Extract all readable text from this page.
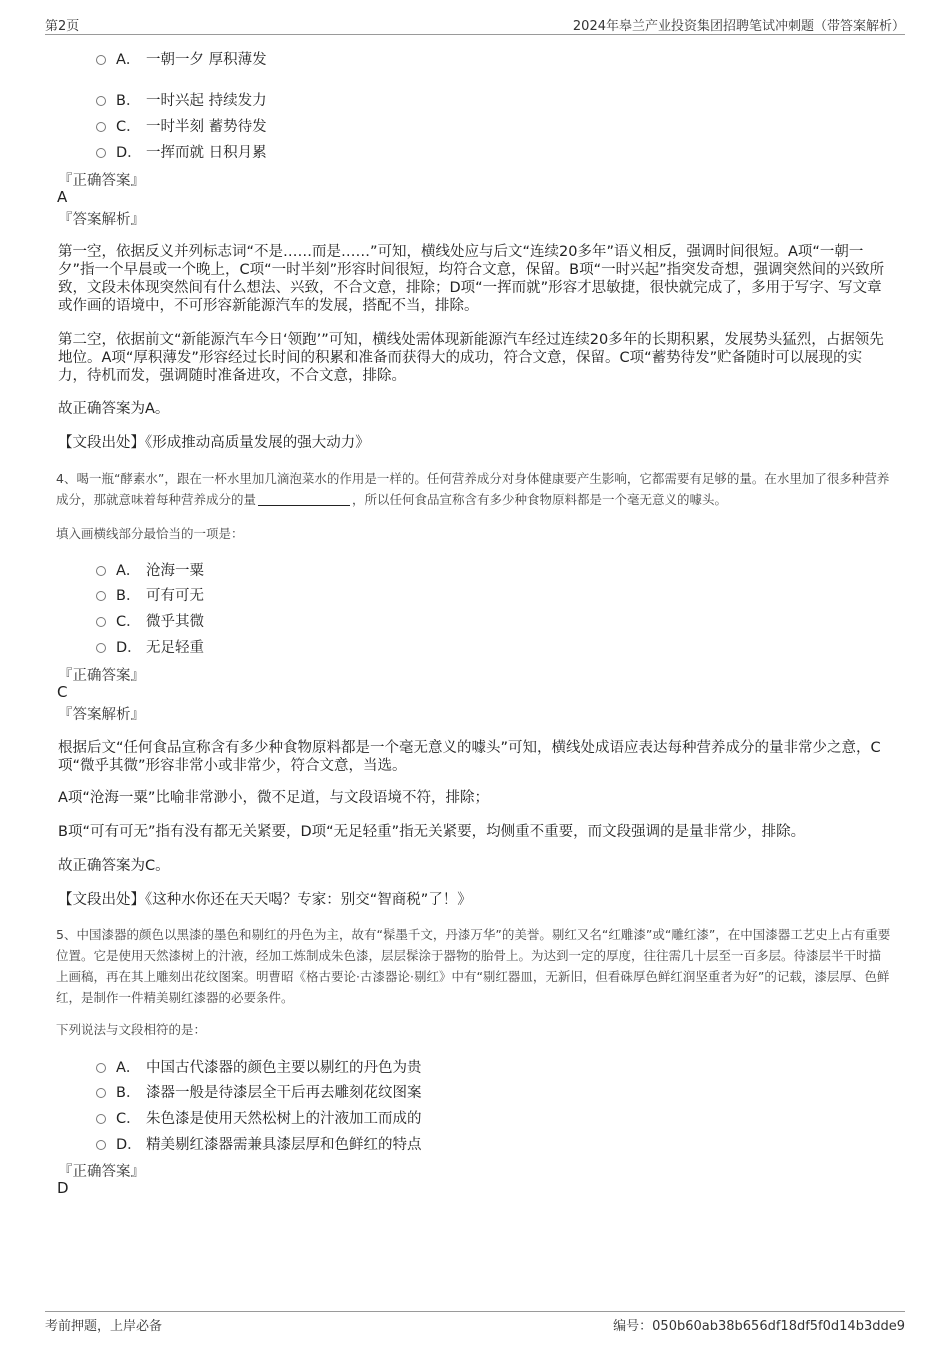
第2页	2024年皋兰产业投资集团招聘笔试冲刺题（带答案解析）
A． 一朝一夕 厚积薄发
B． 一时兴起 持续发力
C． 一时半刻 蓄势待发
D． 一挥而就 日积月累
『正确答案』
A
『答案解析』
第一空，依据反义并列标志词“不是……而是……”可知，横线处应与后文“连续20多年”语义相反，强调时间很短。A项“一朝一夕”指一个早晨或一个晚上，C项“一时半刻”形容时间很短，均符合文意，保留。B项“一时兴起”指突发奇想，强调突然间的兴致所致，文段未体现突然间有什么想法、兴致，不合文意，排除；D项“一挥而就”形容才思敏捷，很快就完成了，多用于写字、写文章或作画的语境中，不可形容新能源汽车的发展，搭配不当，排除。
第二空，依据前文“新能源汽车今日‘领跑’”可知，横线处需体现新能源汽车经过连续20多年的长期积累，发展势头猛烈，占据领先地位。A项“厚积薄发”形容经过长时间的积累和准备而获得大的成功，符合文意，保留。C项“蓄势待发”贮备随时可以展现的实力，待机而发，强调随时准备进攻，不合文意，排除。
故正确答案为A。
【文段出处】《形成推动高质量发展的强大动力》
4、喝一瓶“酵素水”，跟在一杯水里加几滴泡菜水的作用是一样的。任何营养成分对身体健康要产生影响，它都需要有足够的量。在水里加了很多种营养成分，那就意味着每种营养成分的量	，所以任何食品宣称含有多少种食物原料都是一个毫无意义的噱头。
填入画横线部分最恰当的一项是：
A． 沧海一粟
B． 可有可无
C． 微乎其微
D． 无足轻重
『正确答案』
C
『答案解析』
根据后文“任何食品宣称含有多少种食物原料都是一个毫无意义的噱头”可知，横线处成语应表达每种营养成分的量非常少之意，C项“微乎其微”形容非常小或非常少，符合文意，当选。
A项“沧海一粟”比喻非常渺小，微不足道，与文段语境不符，排除；
B项“可有可无”指有没有都无关紧要，D项“无足轻重”指无关紧要，均侧重不重要，而文段强调的是量非常少，排除。
故正确答案为C。
【文段出处】《这种水你还在天天喝？专家：别交“智商税”了！》
5、中国漆器的颜色以黑漆的墨色和剔红的丹色为主，故有“髹墨千文，丹漆万华”的美誉。剔红又名“红雕漆”或“雕红漆”，在中国漆器工艺史上占有重要位置。它是使用天然漆树上的汁液，经加工炼制成朱色漆，层层髹涂于器物的胎骨上。为达到一定的厚度，往往需几十层至一百多层。待漆层半干时描上画稿，再在其上雕刻出花纹图案。明曹昭《格古要论·古漆器论·剔红》中有“剔红器皿，无新旧，但看硃厚色鲜红润坚重者为好”的记载，漆层厚、色鲜红，是制作一件精美剔红漆器的必要条件。
下列说法与文段相符的是：
A． 中国古代漆器的颜色主要以剔红的丹色为贵
B． 漆器一般是待漆层全干后再去雕刻花纹图案
C． 朱色漆是使用天然松树上的汁液加工而成的
D． 精美剔红漆器需兼具漆层厚和色鲜红的特点
『正确答案』
D
考前押题，上岸必备	编号：050b60ab38b656df18df5f0d14b3dde9
